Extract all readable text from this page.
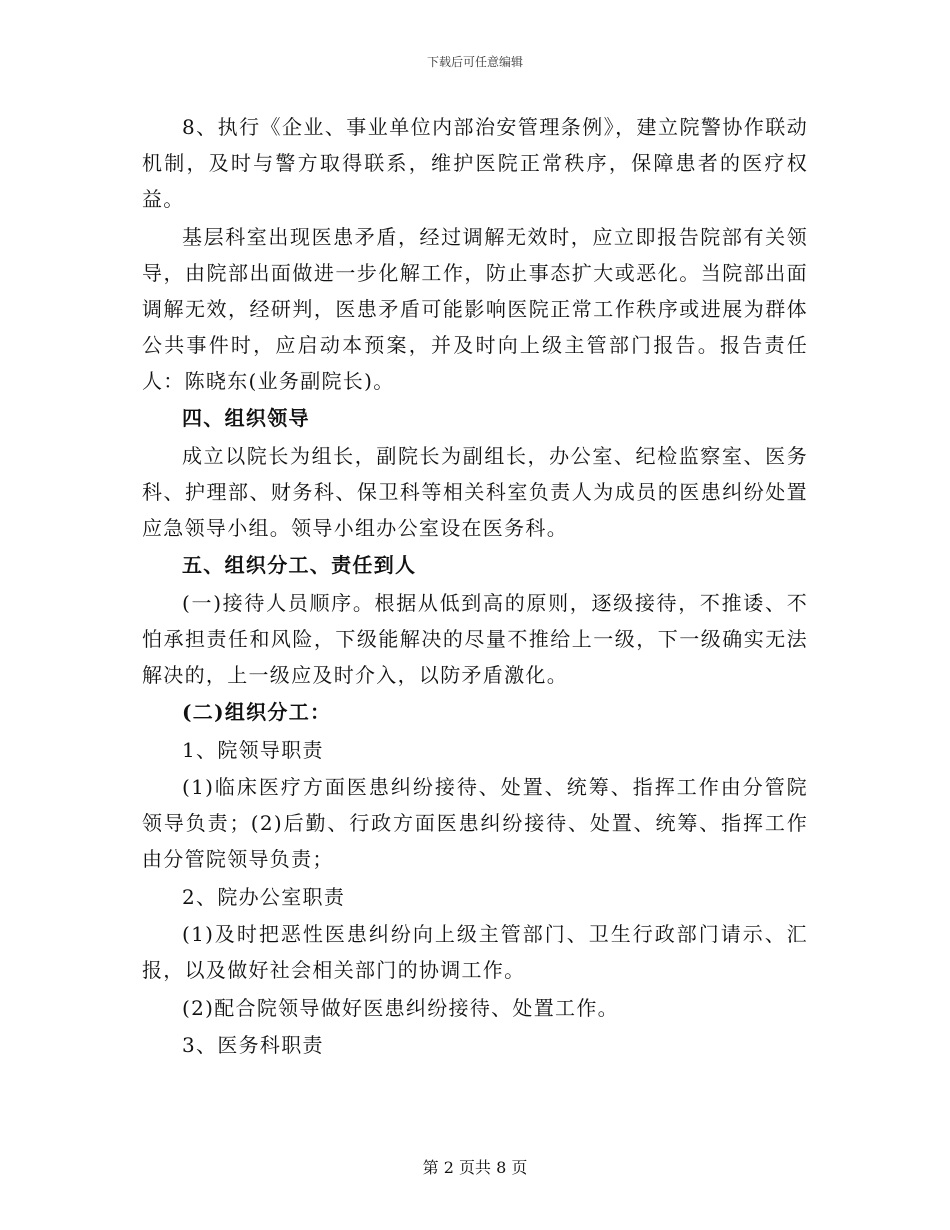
下载后可任意编辑

8、执行《企业、事业单位内部治安管理条例》，建立院警协作联动机制，及时与警方取得联系，维护医院正常秩序，保障患者的医疗权益。

基层科室出现医患矛盾，经过调解无效时，应立即报告院部有关领导，由院部出面做进一步化解工作，防止事态扩大或恶化。当院部出面调解无效，经研判，医患矛盾可能影响医院正常工作秩序或进展为群体公共事件时，应启动本预案，并及时向上级主管部门报告。报告责任人：陈晓东(业务副院长)。

四、组织领导

成立以院长为组长，副院长为副组长，办公室、纪检监察室、医务科、护理部、财务科、保卫科等相关科室负责人为成员的医患纠纷处置应急领导小组。领导小组办公室设在医务科。

五、组织分工、责任到人

(一)接待人员顺序。根据从低到高的原则，逐级接待，不推诿、不怕承担责任和风险，下级能解决的尽量不推给上一级，下一级确实无法解决的，上一级应及时介入，以防矛盾激化。

(二)组织分工：

1、院领导职责

(1)临床医疗方面医患纠纷接待、处置、统筹、指挥工作由分管院领导负责；(2)后勤、行政方面医患纠纷接待、处置、统筹、指挥工作由分管院领导负责；

2、院办公室职责

(1)及时把恶性医患纠纷向上级主管部门、卫生行政部门请示、汇报，以及做好社会相关部门的协调工作。

(2)配合院领导做好医患纠纷接待、处置工作。

3、医务科职责

第 2 页共 8 页
